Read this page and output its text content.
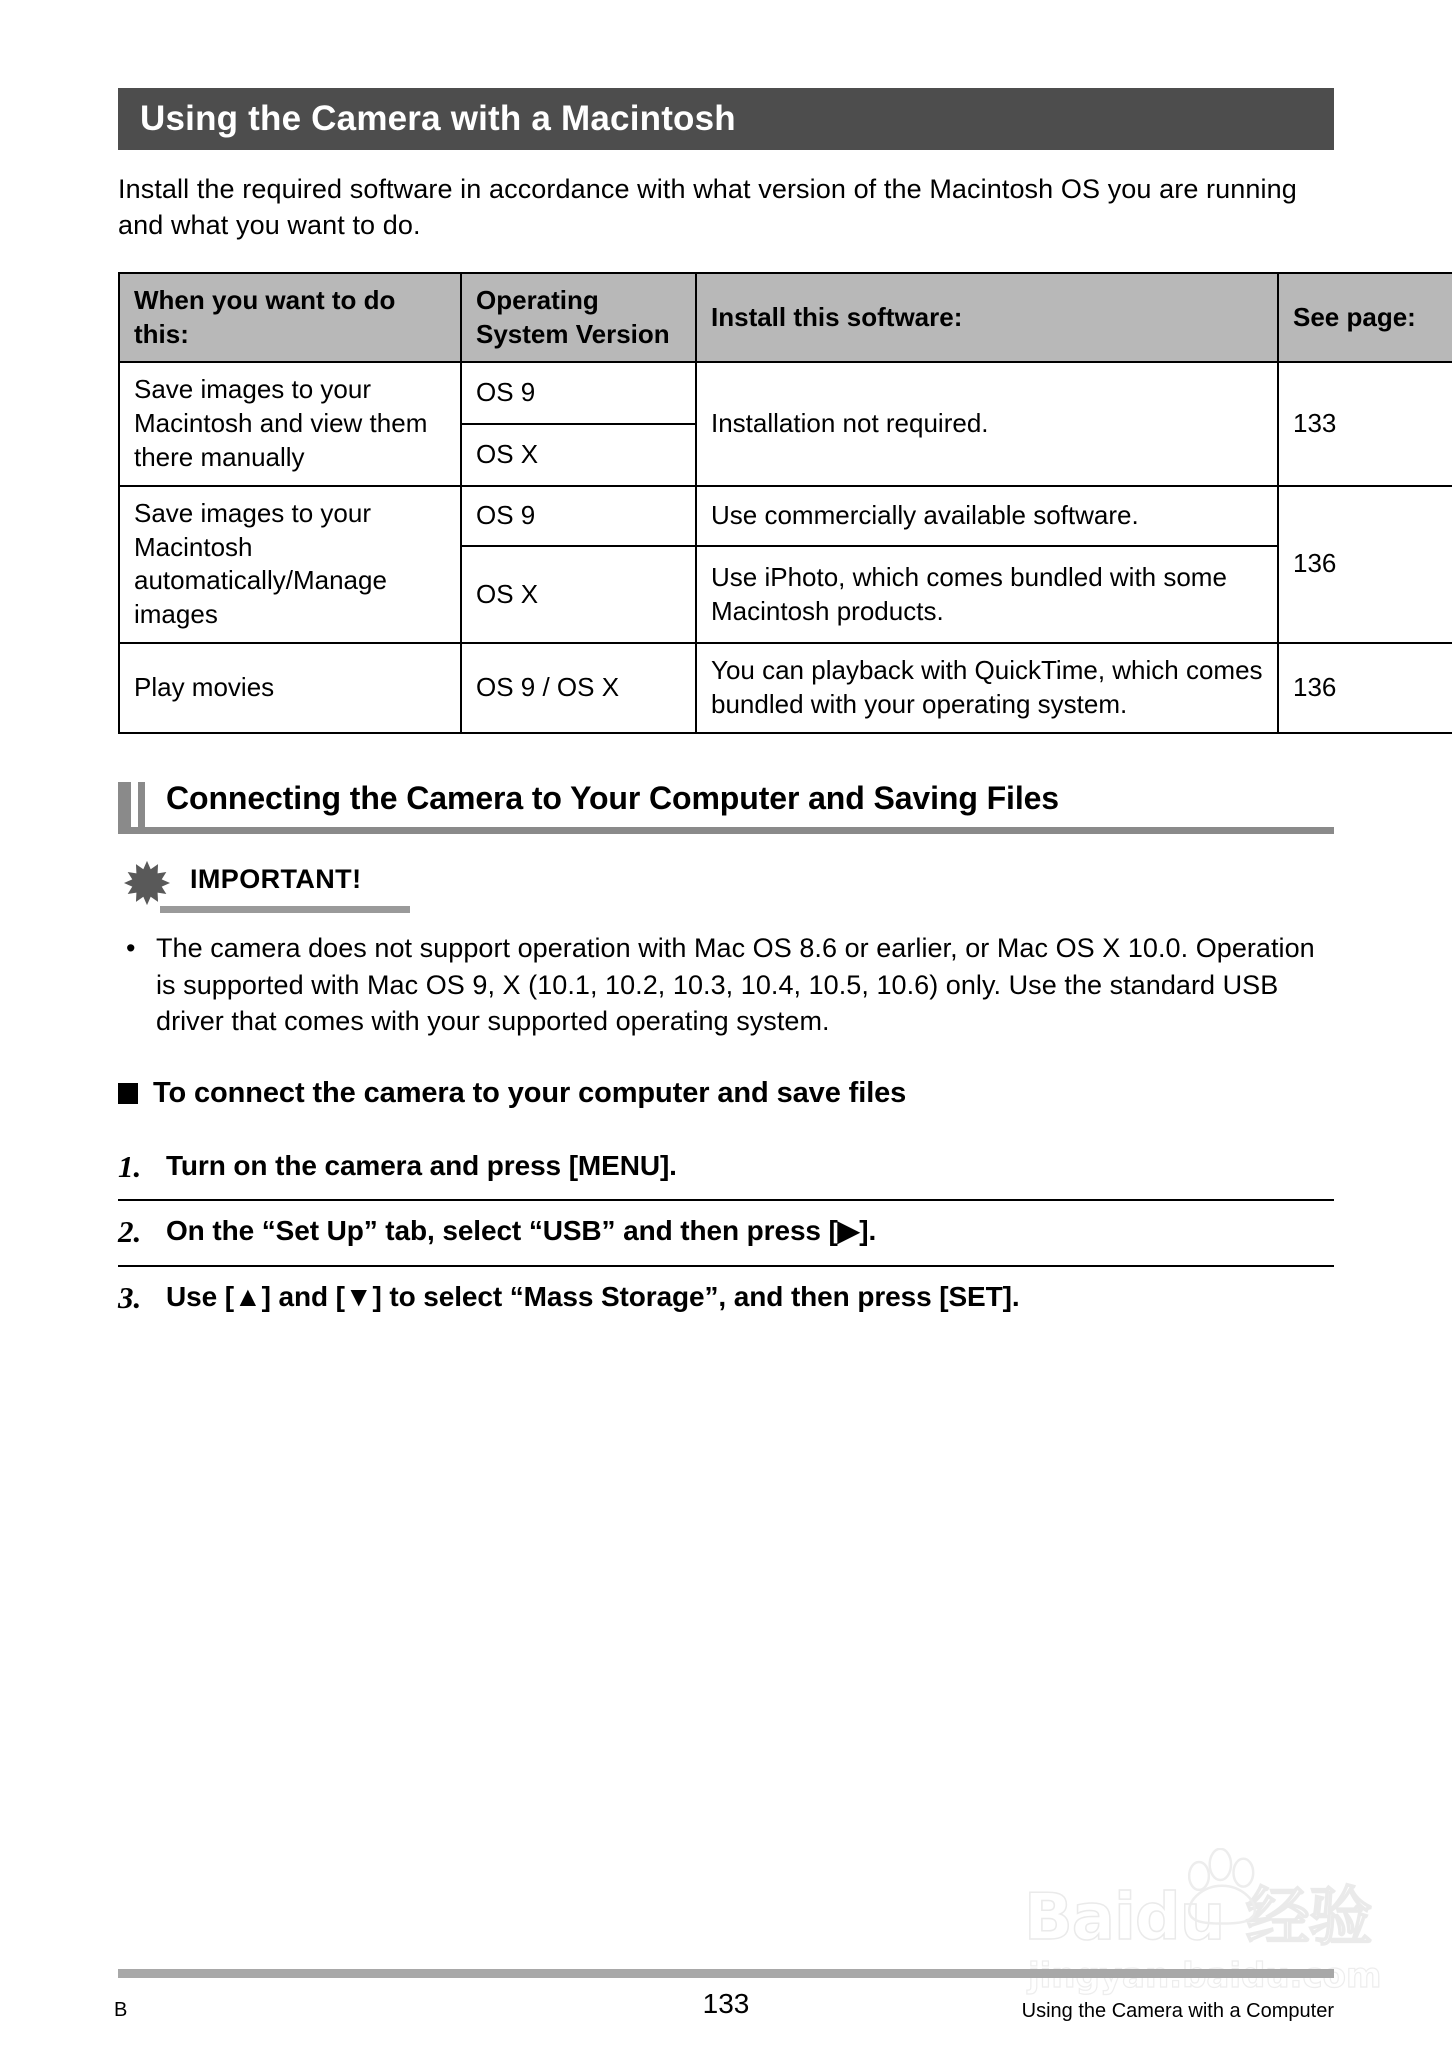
Using the Camera with a Macintosh

Install the required software in accordance with what version of the Macintosh OS you are running and what you want to do.

When you want to do this:	Operating System Version	Install this software:	See page:
Save images to your Macintosh and view them there manually	OS 9	Installation not required.	133
	OS X		
Save images to your Macintosh automatically/Manage images	OS 9	Use commercially available software.	136
	OS X	Use iPhoto, which comes bundled with some Macintosh products.	
Play movies	OS 9 / OS X	You can playback with QuickTime, which comes bundled with your operating system.	136
Connecting the Camera to Your Computer and Saving Files
IMPORTANT!
• The camera does not support operation with Mac OS 8.6 or earlier, or Mac OS X 10.0. Operation is supported with Mac OS 9, X (10.1, 10.2, 10.3, 10.4, 10.5, 10.6) only. Use the standard USB driver that comes with your supported operating system.
To connect the camera to your computer and save files
1. Turn on the camera and press [MENU].
2. On the “Set Up” tab, select “USB” and then press [▶].
3. Use [▲] and [▼] to select “Mass Storage”, and then press [SET].
Baidu 经验
B	133	Using the Camera with a Computer
